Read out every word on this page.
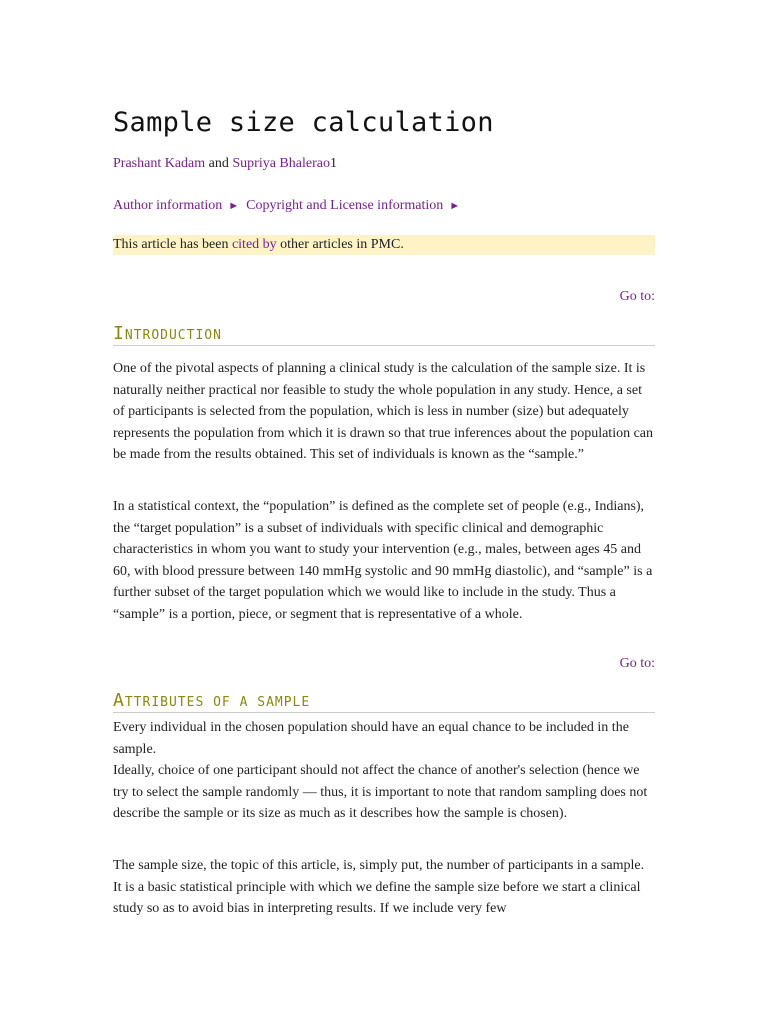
Sample size calculation
Prashant Kadam and Supriya Bhalerao1
Author information ► Copyright and License information ►
This article has been cited by other articles in PMC.
Go to:
INTRODUCTION

One of the pivotal aspects of planning a clinical study is the calculation of the sample size. It is naturally neither practical nor feasible to study the whole population in any study. Hence, a set of participants is selected from the population, which is less in number (size) but adequately represents the population from which it is drawn so that true inferences about the population can be made from the results obtained. This set of individuals is known as the “sample.”

In a statistical context, the “population” is defined as the complete set of people (e.g., Indians), the “target population” is a subset of individuals with specific clinical and demographic characteristics in whom you want to study your intervention (e.g., males, between ages 45 and 60, with blood pressure between 140 mmHg systolic and 90 mmHg diastolic), and “sample” is a further subset of the target population which we would like to include in the study. Thus a “sample” is a portion, piece, or segment that is representative of a whole.

Go to:
ATTRIBUTES OF A SAMPLE

Every individual in the chosen population should have an equal chance to be included in the sample.

Ideally, choice of one participant should not affect the chance of another's selection (hence we try to select the sample randomly — thus, it is important to note that random sampling does not describe the sample or its size as much as it describes how the sample is chosen).

The sample size, the topic of this article, is, simply put, the number of participants in a sample. It is a basic statistical principle with which we define the sample size before we start a clinical study so as to avoid bias in interpreting results. If we include very few
